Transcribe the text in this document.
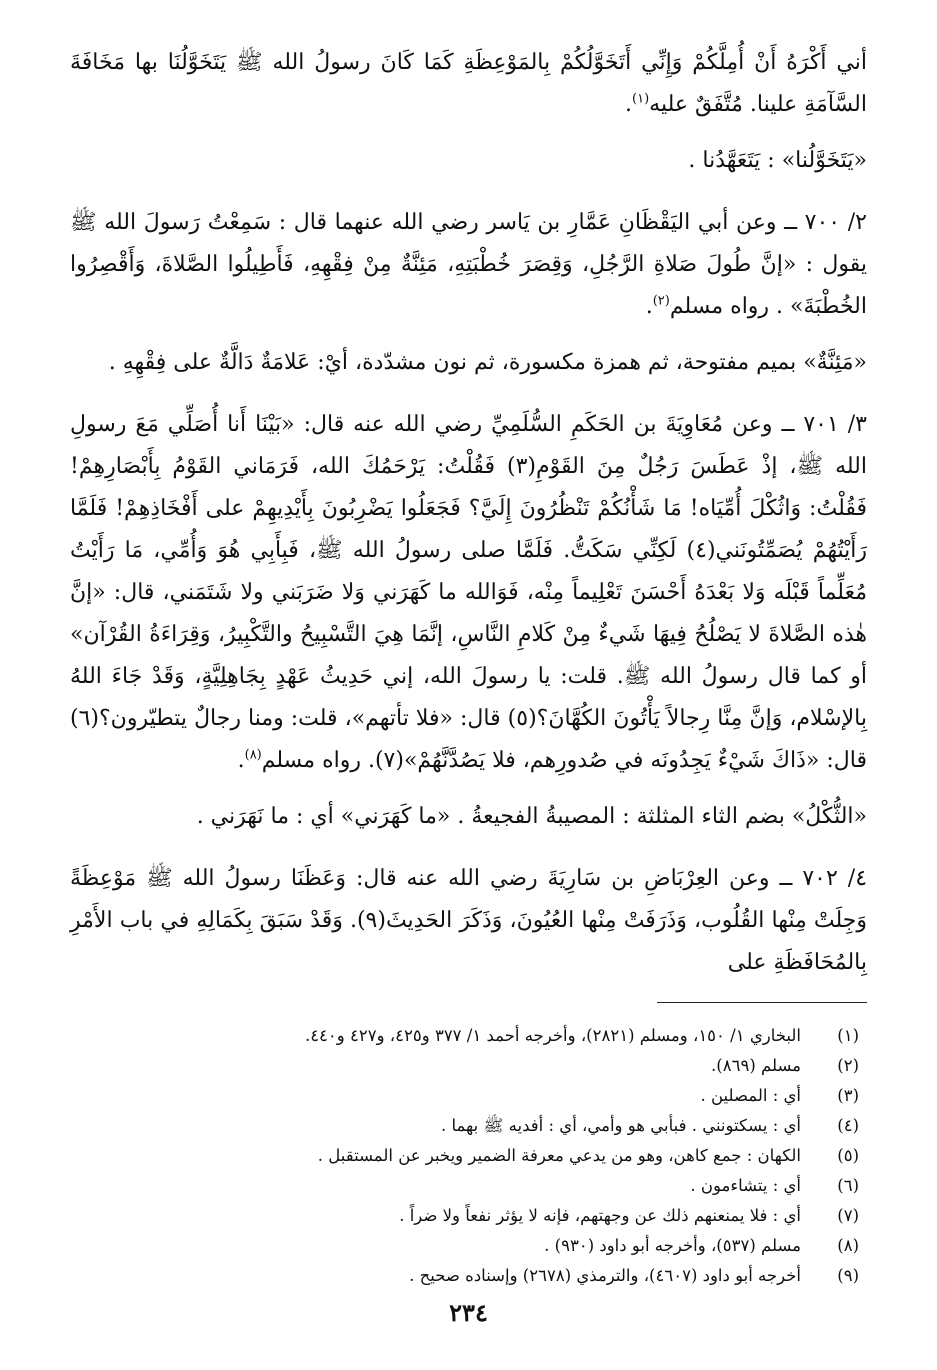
أني أَكْرَهُ أَنْ أُمِلَّكُمْ وَإِنِّي أَتَخَوَّلُكُمْ بِالمَوْعِظَةِ كَمَا كَانَ رسولُ الله ﷺ يَتَخَوَّلُنَا بها مَخَافَةَ السَّآمَةِ علينا. مُتَّفَقٌ عليه$^{(١)}$.

«يَتَخَوَّلُنا» : يَتَعَهَّدُنا .

٢/ ٧٠٠ ــ وعن أبي اليَقْظَانِ عَمَّارِ بن يَاسر رضي الله عنهما قال : سَمِعْتُ رَسولَ الله ﷺ يقول : «إنَّ طُولَ صَلاةِ الرَّجُلِ، وَقِصَرَ خُطْبَتِهِ، مَئِنَّةٌ مِنْ فِقْهِهِ، فَأَطِيلُوا الصَّلاةَ، وَأَقْصِرُوا الخُطْبَةَ» . رواه مسلم$^{(٢)}$.

«مَئِنَّةٌ» بميم مفتوحة، ثم همزة مكسورة، ثم نون مشدّدة، أيْ: عَلامَةٌ دَالَّةٌ على فِقْهِهِ .

٣/ ٧٠١ ــ وعن مُعَاوِيَةَ بن الحَكَمِ السُّلَمِيِّ رضي الله عنه قال: «بَيْنَا أَنا أُصَلِّي مَعَ رسولِ الله ﷺ، إذْ عَطَسَ رَجُلٌ مِنَ القَوْمِ(٣) فَقُلْتُ: يَرْحَمُكَ الله، فَرَمَاني القَوْمُ بِأَبْصَارِهِمْ! فَقُلْتُ: وَاثُكْلَ أُمِّيَاه! مَا شَأْنُكُمْ تَنْظُرُونَ إِلَيَّ؟ فَجَعَلُوا يَضْرِبُونَ بِأَيْدِيهِمْ على أَفْخَاذِهِمْ! فَلَمَّا رَأَيْتُهُمْ يُصَمِّتُونَني(٤) لَكِنِّي سَكَتُّ. فَلَمَّا صلى رسولُ الله ﷺ، فَبِأَبِي هُوَ وَأُمِّي، مَا رَأَيْتُ مُعَلِّماً قَبْلَه وَلا بَعْدَهُ أَحْسَنَ تَعْلِيماً مِنْه، فَوَالله ما كَهَرَني وَلا ضَرَبَني ولا شَتَمَني، قال: «إنَّ هٰذه الصَّلاةَ لا يَصْلُحُ فِيهَا شَيءٌ مِنْ كَلامِ النَّاسِ، إنَّمَا هِيَ التَّسْبِيحُ والتَّكْبِيرُ، وَقِرَاءَةُ القُرْآن» أو كما قال رسولُ الله ﷺ. قلت: يا رسولَ الله، إني حَدِيثُ عَهْدٍ بِجَاهِلِيَّةٍ، وَقَدْ جَاءَ اللهُ بِالإسْلام، وَإنَّ مِنَّا رِجالاً يَأْتُونَ الكُهَّانَ؟(٥) قال: «فلا تأتهم»، قلت: ومنا رجالٌ يتطيّرون؟(٦) قال: «ذَاكَ شَيْءٌ يَجِدُونَه في صُدورِهم، فلا يَصُدَّنَّهُمْ»(٧). رواه مسلم$^{(٨)}$.

«الثُّكْلُ» بضم الثاء المثلثة : المصيبةُ الفجيعةُ . «ما كَهَرَني» أي : ما نَهَرَني .

٤/ ٧٠٢ ــ وعن العِرْبَاضِ بن سَارِيَةَ رضي الله عنه قال: وَعَظَنَا رسولُ الله ﷺ مَوْعِظَةً وَجِلَتْ مِنْها القُلُوب، وَذَرَفَتْ مِنْها العُيُونَ، وَذَكَرَ الحَدِيثَ(٩). وَقَدْ سَبَقَ بِكَمَالِهِ في باب الأَمْرِ بِالمُحَافَظَةِ على

(١)
البخاري ١/ ١٥٠، ومسلم (٢٨٢١)، وأخرجه أحمد ١/ ٣٧٧ و٤٢٥، و٤٢٧ و٤٤٠.
(٢)
مسلم (٨٦٩).
(٣)
أي : المصلين .
(٤)
أي : يسكتونني . فبأبي هو وأمي، أي : أفديه ﷺ بهما .
(٥)
الكهان : جمع كاهن، وهو من يدعي معرفة الضمير ويخبر عن المستقبل .
(٦)
أي : يتشاءمون .
(٧)
أي : فلا يمنعنهم ذلك عن وجهتهم، فإنه لا يؤثر نفعاً ولا ضراً .
(٨)
مسلم (٥٣٧)، وأخرجه أبو داود (٩٣٠) .
(٩)
أخرجه أبو داود (٤٦٠٧)، والترمذي (٢٦٧٨) وإسناده صحيح .
٢٣٤
